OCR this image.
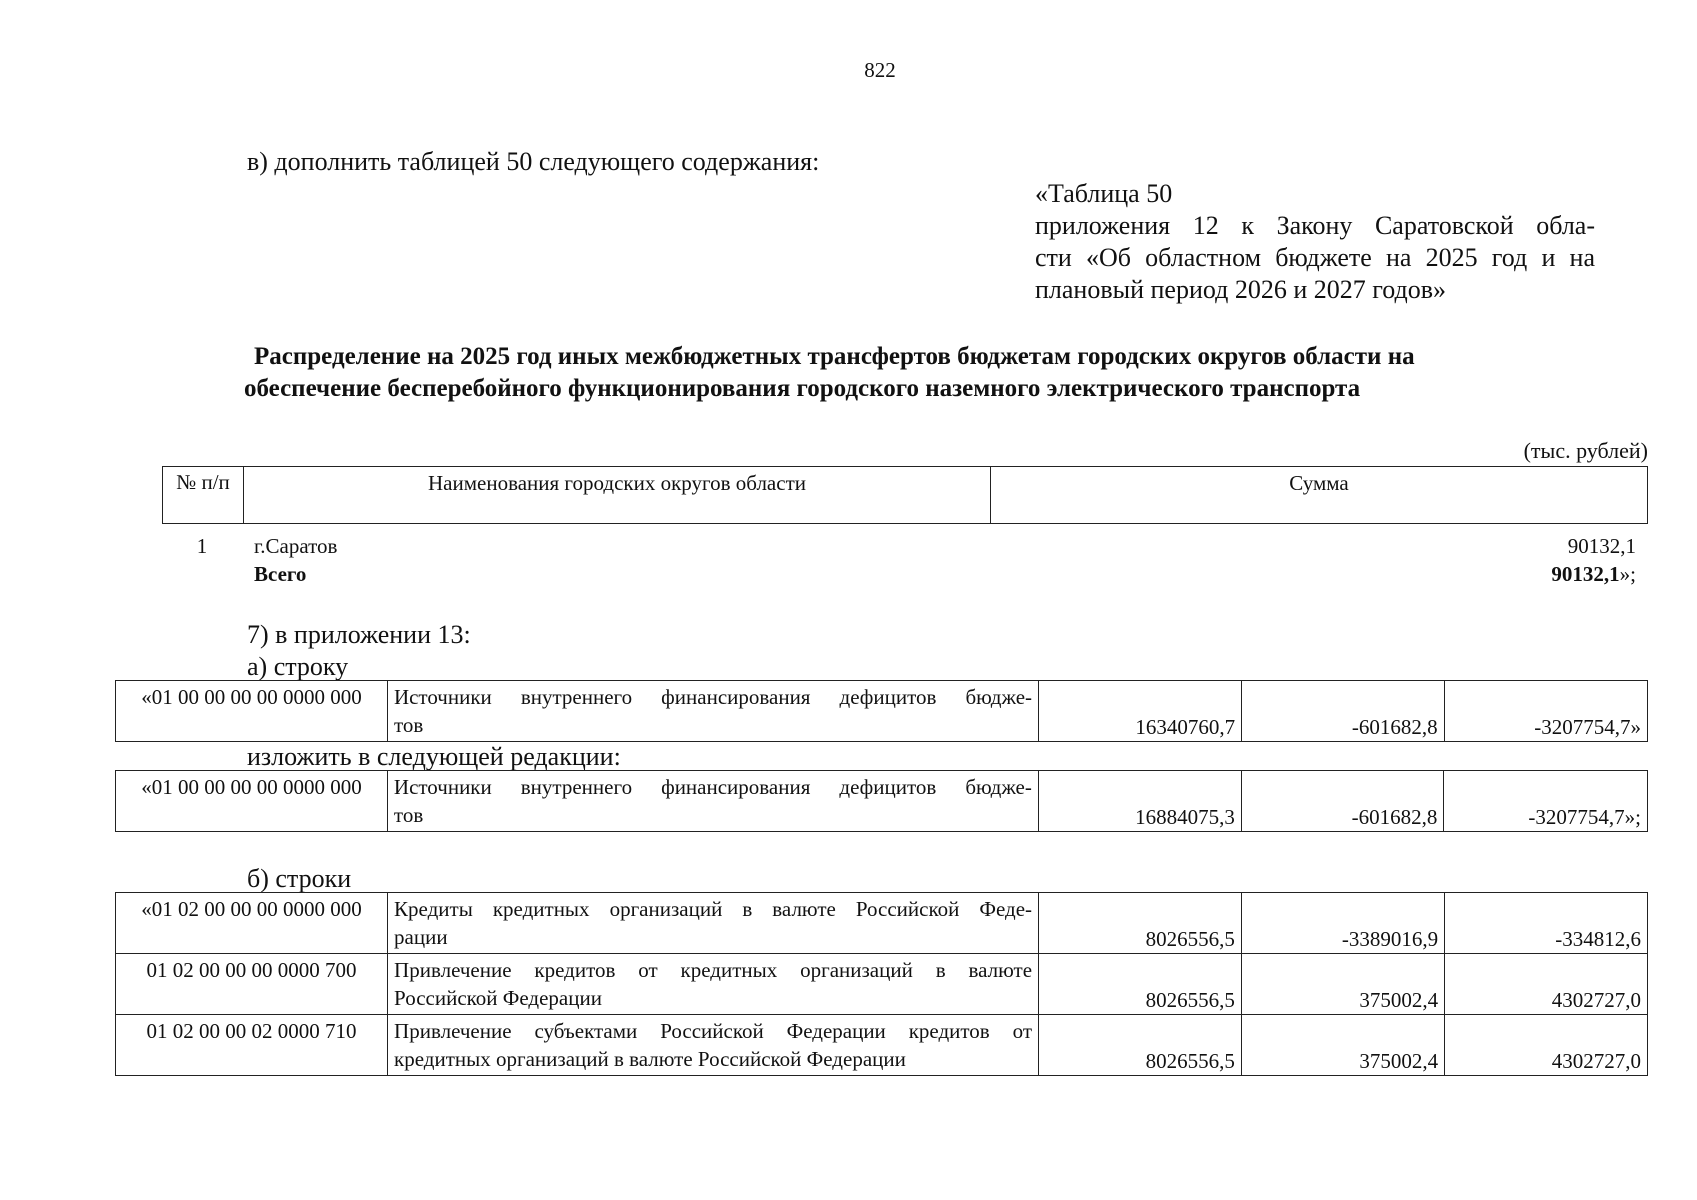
822
в) дополнить таблицей 50 следующего содержания:
«Таблица 50
приложения 12 к Закону Саратовской обла-
сти «Об областном бюджете на 2025 год и на
плановый период 2026 и 2027 годов»
Распределение на 2025 год иных межбюджетных трансфертов бюджетам городских округов области на
обеспечение бесперебойного функционирования городского наземного электрического транспорта
(тыс. рублей)
№ п/п	Наименования городских округов области	Сумма
1	г.Саратов	90132,1
	Всего	90132,1»;
7) в приложении 13:
а) строку
«01 00 00 00 00 0000 000	Источники внутреннего финансирования дефицитов бюдже-
тов	16340760,7	-601682,8	-3207754,7»
изложить в следующей редакции:
«01 00 00 00 00 0000 000	Источники внутреннего финансирования дефицитов бюдже-
тов	16884075,3	-601682,8	-3207754,7»;
б) строки
«01 02 00 00 00 0000 000	Кредиты кредитных организаций в валюте Российской Феде-
рации	8026556,5	-3389016,9	-334812,6
01 02 00 00 00 0000 700	Привлечение кредитов от кредитных организаций в валюте
Российской Федерации	8026556,5	375002,4	4302727,0
01 02 00 00 02 0000 710	Привлечение субъектами Российской Федерации кредитов от
кредитных организаций в валюте Российской Федерации	8026556,5	375002,4	4302727,0
